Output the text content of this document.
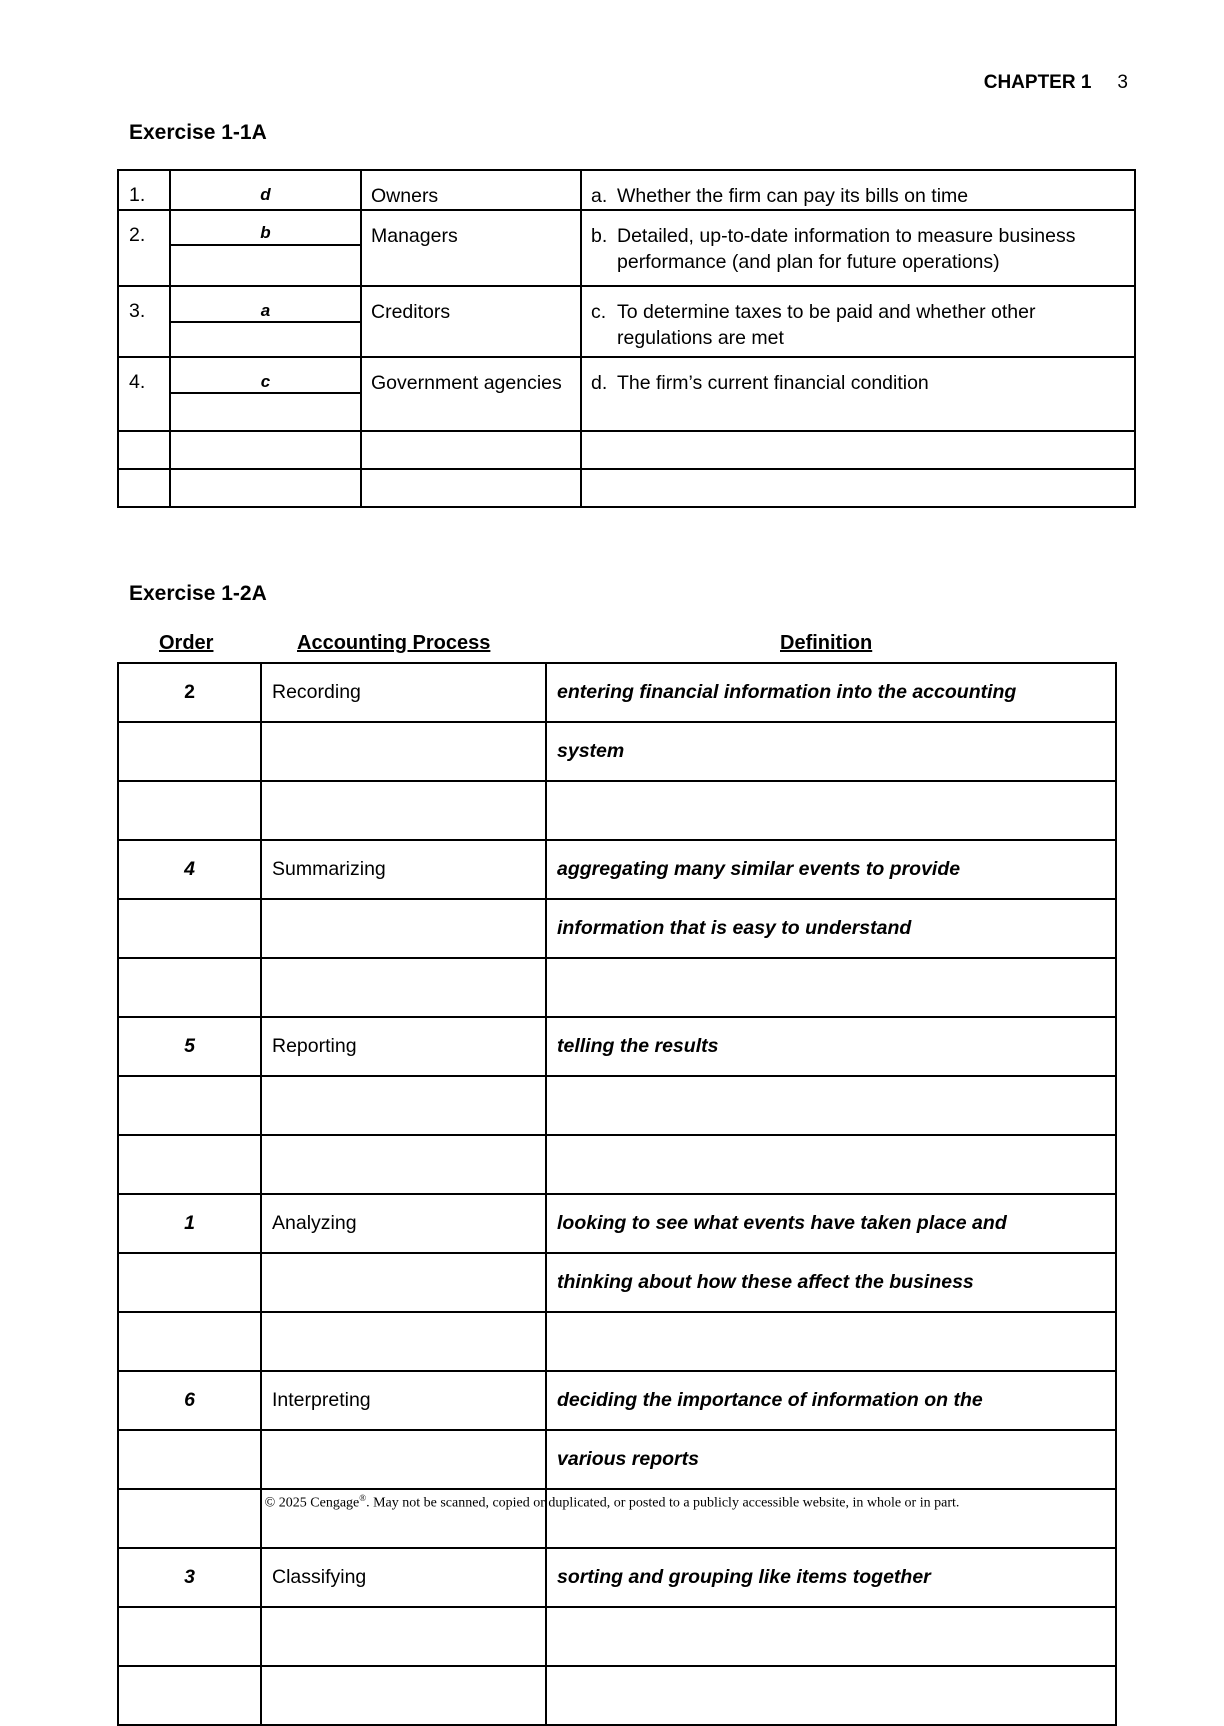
CHAPTER 1 3
Exercise 1-1A
1.	d	Owners	a. Whether the firm can pay its bills on time
2.	b	Managers	b. Detailed, up-to-date information to measure business
performance (and plan for future operations)

3.	a	Creditors	c. To determine taxes to be paid and whether other
regulations are met

4.	c	Government agencies	d. The firm’s current financial condition

Exercise 1-2A
Order	Accounting Process	Definition
2	Recording	entering financial information into the accounting
		system

4	Summarizing	aggregating many similar events to provide
		information that is easy to understand

5	Reporting	telling the results

1	Analyzing	looking to see what events have taken place and
		thinking about how these affect the business

6	Interpreting	deciding the importance of information on the
		various reports

3	Classifying	sorting and grouping like items together

© 2025 Cengage®. May not be scanned, copied or duplicated, or posted to a publicly accessible website, in whole or in part.
